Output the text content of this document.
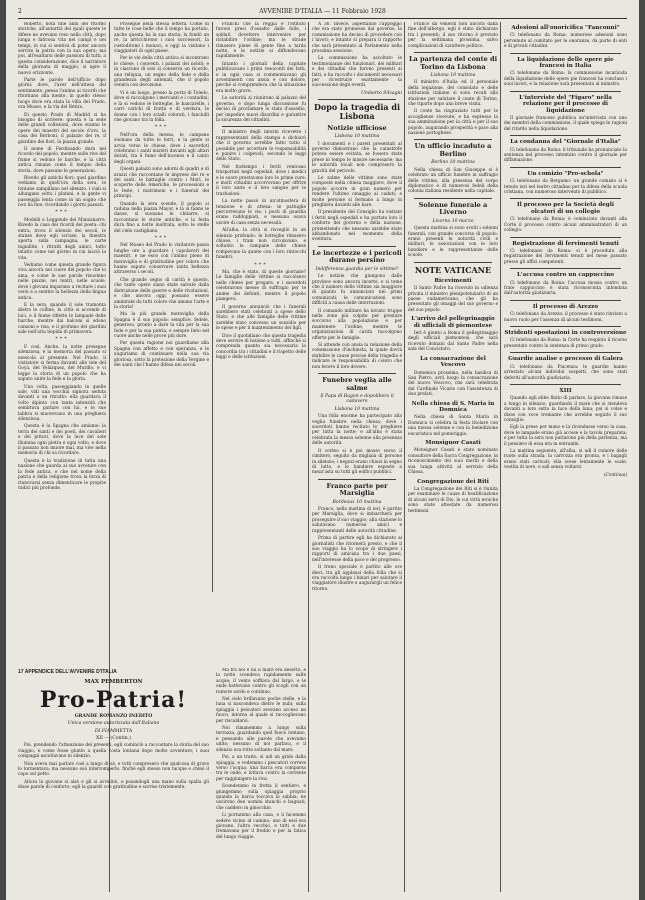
2	AVVENIRE D'ITALIA — 11 Febbraio 1928

Roberto, nota fine anni del ritorno storiche, all'autorità dei quali queste le difese ne avevano reso nella città, dopo lunga e faticosa vita nei campi e nei tempi, in cui si sentiva di poter ancora servire la patria con la sua opera; ma poi, all'esaltarsi delle passioni di tutti, a questa considerazione, dice il narratore della giornata di maggio, si apre il nuovo orizzonte.

Parte le parole dell'ufficio dopo giorni: dove, l'aver nell'attesa del sentimento, pensa l'animo ai ricordi che ritornano alla mente, in quello stesso luogo dove era stata la villa del Prado, ora Museo, e la via del Retiro.

Di questo Prado di Madrid si ha bisogno di scrivere: questa è la sede delle grandi collezioni, dove stanno le opere dei maestri del secolo d'oro, la casa dei Borboni, il palazzo dei re, il giardino dei fiori, la piazza grande.

Il nome di Ferdinando dura nel ricordo del popolo, mentre sulle rive del fiume si vedono le barche, e la città antica rimane come il tempio della storia, dove passano le generazioni.

Rivedo gli antichi fiori: quel giardino vediamo in quell'ora della sera, le fontane zampillano nel silenzio, i viali si allungano sotto i platani, e la gente vi passeggia lenta come in un sogno che non ha fine, ricordando i giorni passati.

***

Modelli e Leggende del Manzanarre. Rivedo la casa dei ricordi del poeta: chi entra, trova il silenzio dei secoli, le stanze dove egli scrisse, la finestra aperta sulla campagna, le carte ingiallite, i ritratti degli amici, tutto intatto come nel giorno in cui lasciò la vita.

Vediamo come questa grande figura viva ancora nel cuore del popolo che lo ama, e come le sue parole risuonino nelle piazze, nei teatri, nelle scuole, dove i giovani imparano a recitare i suoi versi e a sentire la bellezza della lingua antica.

E la sera, quando il sole tramonta dietro le colline, la città si accende di luci, e il fiume riflette le lampade delle barche, mentre dai balconi si odono canzoni e risa, e il profumo dei giardini sale nell'aria tiepida di primavera.

***

E così, Anche, la notte prosegue silenziosa, e la memoria del passato si mescola al presente. Nel Prado, il visitatore si ferma davanti alle tele del Goya, del Velázquez, del Murillo, e vi legge la storia di un popolo che ha saputo unire la fede e la gloria.

Una volta, passeggiando in quelle sale, vidi una vecchia signora seduta davanti a un ritratto: ella guardava il volto dipinto con tanta intensità che sembrava parlare con lui, e le sue labbra si muovevano in una preghiera silenziosa.

Questa è la Spagna che amiamo: la terra dei santi e dei poeti, dei cavalieri e dei pittori, dove la luce del sole illumina ogni pietra e ogni volto, e dove il passato non muore mai, ma vive nella memoria di chi sa ricordare.

Questa è la tradizione di tutta una nazione che guarda al suo avvenire con la fede antica, e che nel nome della patria e della religione trova la forza di rinnovarsi senza dimenticare le proprie radici più profonde.

Prosegue nella stessa lettera. Come di tutte le cose belle che il tempo ha portato, anche questa ha la sua storia: la fondò un re, la arricchirono i suoi successori, la custodirono i monaci, e oggi la visitano i viaggiatori di ogni paese.

Per le vie della città antica si incontrano le chiese, i conventi, i palazzi dei nobili; e in ciascuno di essi si conserva un ricordo, una reliquia, un segno della fede e della grandezza degli antenati, che il popolo venera con devozione.

Vi è un luogo, presso la porta di Toledo, dove si raccolgono i mercanti e i contadini; e là si vedono le botteghe, le bancarelle, i carri carichi di frutta e di verdura, le donne con i loro scialli colorati, i fanciulli che giocano tra la folla.

***

Nell'ora della messa, le campane suonano da tutte le torri, e la gente si avvia verso le chiese, dove i sacerdoti celebrano i santi misteri davanti agli altari dorati, tra il fumo dell'incenso e il canto degli organi.

Questi palazzi sono adorni di quadri e di arazzi che raccontano le imprese dei re e dei santi: le battaglie contro i Mori, le scoperte delle Americhe, le processioni e le feste, i matrimoni e i funerali dei principi.

Quando la sera scende, il popolo si raduna nella piazza Mayor, e là si fanno le danze, si suonano le chitarre, si raccontano le storie antiche, e la festa dura fino a notte inoltrata, sotto le stelle del cielo castigliano.

***

Nel Museo del Prado lo visitatore passa lunghe ore a guardare i capolavori dei maestri, e ne esce con l'animo pieno di meraviglia e di gratitudine per coloro che hanno saputo conservare tanta bellezza attraverso i secoli.

Che grande segno di carità è questo, che tante opere siano state salvate dalla distruzione delle guerre e delle rivoluzioni, e che ancora oggi possano essere ammirate da tutti coloro che amano l'arte e la storia!

Ma la più grande meraviglia della Spagna è il suo popolo: semplice, fedele, generoso, pronto a dare la vita per la sua fede e per la sua patria, e sempre lieto nel cuore anche nelle prove più dure.

Per questa ragione noi guardiamo alla Spagna con affetto e con speranza, e le auguriamo di continuare nella sua via gloriosa, sotto la protezione della Vergine e dei santi che l'hanno difesa nei secoli.

Franchi che la reggia e l'Istituto furono presi d'assalto dalle folle, i soldati dovettero intervenire per ristabilire l'ordine; ma le strade rimasero piene di gente fino a tarda notte, e le notizie si diffondevano rapidamente.

Intanto i giornali della capitale pubblicavano i primi resoconti dei fatti, e in ogni casa si commentavano gli avvenimenti con ansia e con dolore, perché si comprendeva che la situazione era molto grave.

Le autorità si riunirono al palazzo del governo, e dopo lunga discussione fu deciso di proclamare lo stato d'assedio, per impedire nuovi disordini e garantire la sicurezza dei cittadini.

Il ministro degli interni ricevette i rappresentanti della stampa e dichiarò che il governo avrebbe fatto tutto il possibile per accertare le responsabilità e punire i colpevoli, secondo le leggi dello Stato.

Nel frattempo i feriti venivano trasportati negli ospedali, dove i medici e le suore prestavano loro le prime cure; e molti cittadini accorrevano per offrire il loro aiuto e il loro sangue per le trasfusioni.

La notte passò in un'atmosfera di tensione e di attesa: le pattuglie percorrevano le vie, i posti di guardia erano raddoppiati, e nessuno osava uscire di casa senza necessità.

All'alba, la città si risvegliò in un silenzio profondo: le botteghe rimasero chiuse, i tram non circolavano, e soltanto le campane delle chiese rompevano la quiete con i loro rintocchi funebri.

***

Ma, che è stato, di queste giornate? Le famiglie delle vittime si raccolsero nelle chiese per pregare, e i sacerdoti celebrarono messe di suffragio per le anime dei defunti, mentre il popolo piangeva.

Il governo annunciò che i funerali sarebbero stati celebrati a spese dello Stato, e che alle famiglie delle vittime sarebbe stato concesso un sussidio per le spese e per il mantenimento dei figli.

Dice il quotidiano che questa tragedia deve servire di lezione a tutti, affinché si comprenda quanto sia necessaria la concordia tra i cittadini e il rispetto delle leggi e delle istituzioni.

A 30. Invece, aspettando l'appoggio che era stato promesso dal governo, la commissione ha deciso di procedere con i lavori; e intanto si prepara il rapporto che sarà presentato al Parlamento nella prossima sessione.

La commissione ha ascoltato le testimonianze dei funzionari, dei militari e dei cittadini che furono presenti ai fatti, e ha raccolto i documenti necessari per ricostruire esattamente la successione degli eventi.

Umberto Silvagni

Dopo la tragedia di Lisbona
Notizie ufficiose
Lisbona 10 mattina

I documenti e i pareri presentati al governo dimostrano che la catastrofe poteva essere evitata, se fossero state prese in tempo le misure necessarie; ma le autorità locali non compresero la gravità del pericolo.

Le salme delle vittime sono state composte nella chiesa maggiore, dove il popolo accorre in gran numero per rendere l'ultimo omaggio ai caduti; e molte persone si fermano a lungo in preghiera davanti alle bare.

Il presidente del Consiglio ha visitato i feriti negli ospedali e ha portato loro il conforto del governo e della nazione, promettendo che nessuno sarebbe stato abbandonato nel momento della sventura.

Le incertezze e i pericoli durano persino
Indifferenza guardia per le vittime?

Le notizie che giungono dalle province sono ancora incerte, e si teme che il numero delle vittime sia maggiore di quanto fu annunciato nei primi comunicati; le comunicazioni sono difficili a causa delle interruzioni.

Il comando militare ha inviato truppe nelle zone più colpite per prestare soccorso alla popolazione e per mantenere l'ordine, mentre le organizzazioni di carità raccolgono offerte per le famiglie.

Si attende con ansia la relazione della commissione d'inchiesta, la quale dovrà stabilire le cause precise della tragedia e indicare le responsabilità di coloro che non fecero il loro dovere.

Funebre veglia alle salme
Il Papa di Ragon e dopolibero il cadavere
Lisbona 10 mattina

Una folla enorme ha partecipato alla veglia funebre nella chiesa, dove i sacerdoti hanno recitato le preghiere per tutta la notte; e all'alba è stata celebrata la messa solenne alla presenza delle autorità.

Il corteo si è poi mosso verso il cimitero, seguito da migliaia di persone in silenzio; i negozi erano chiusi in segno di lutto, e le bandiere esposte a mezz'asta su tutti gli edifici pubblici.

Franco parte per Marsiglia
Bordeaux 10 mattina

Franco, nella mattina di ieri, è partito per Marsiglia, dove si imbarcherà per proseguire il suo viaggio; alla stazione lo salutavano numerosi amici e rappresentanti delle autorità cittadine.

Prima di partire egli ha dichiarato ai giornalisti che ritornerà presto, e che il suo viaggio ha lo scopo di stringere i rapporti di amicizia tra i due paesi, nell'interesse della pace e del progresso.

Il treno speciale è partito alle ore dieci, tra gli applausi della folla che si era raccolta lungo i binari per salutare il viaggiatore illustre e augurargli un felice ritorno.

Franco da venerdì non ancora dalla fine dell'albergo, egli è stato dichiarato tra i presenti; il suo ritorno è previsto per la settimana prossima, salvo complicazioni di carattere politico.

La partenza del conte di Torino da Lisbona
Lisbona 10 mattina

Il ministro d'Italia ed il personale della legazione, del consolato e delle istituzioni italiane si sono recati alla stazione per salutare il conte di Torino, che riparte dopo una breve visita.

Il conte ha ringraziato tutti per le accoglienze ricevute, e ha espresso la sua ammirazione per la città e per il suo popolo, augurando prosperità e pace alla nazione portoghese.

Un ufficio incaduto a Berlino
Berlino 10 mattina

Nella chiesa di San Giuseppe si è celebrato un ufficio funebre in suffragio delle vittime, alla presenza del corpo diplomatico e di numerosi fedeli della colonia italiana residente nella capitale.

Solenne funerale a Liverno
Livorno 10 marzo

Questa mattina si sono svolti i solenni funerali, con grande concorso di popolo; erano presenti le autorità civili e militari, le associazioni con le loro bandiere e le rappresentanze delle scuole.

NOTE VATICANE
Ricevimenti

Il Santo Padre ha ricevuto in udienza privata il ministro plenipotenziario di un paese sudamericano, che gli ha presentato gli omaggi del suo governo e del suo popolo.

L'arrivo del pellegrinaggio di ufficiali di piemontese

Ieri è giunto a Roma il pellegrinaggio degli ufficiali piemontesi, che sarà ricevuto domani dal Santo Padre nella sala del Concistoro.

La consacrazione del Vescovo

Domenica prossima, nella basilica di San Pietro, avrà luogo la consacrazione del nuovo Vescovo, che sarà celebrata dal Cardinale Vicario con l'assistenza di due prelati.

Nella chiesa di S. Maria in Domnica

Nella chiesa di Santa Maria in Domnica si celebra la festa titolare con una messa solenne e con la benedizione eucaristica nel pomeriggio.

Monsignor Casati

Monsignor Casati è stato nominato consultore della Sacra Congregazione, in riconoscimento dei suoi meriti e della sua lunga attività al servizio della Chiesa.

Congregazione dei Riti

La Congregazione dei Riti si è riunita per esaminare le cause di beatificazione di alcuni servi di Dio, le cui virtù eroiche sono state attestate da numerosi testimoni.

Adesioni all'onoricifica "Fanconni"

Ci telefonano da Roma: numerose adesioni sono pervenute al comitato per le onoranze, da parte di enti e di privati cittadini.

La liquidazione delle opere pie francesi in Italia

Ci telefonano da Roma: la commissione incaricata della liquidazione delle opere pie francesi ha concluso i suoi lavori, e la relazione sarà presentata al ministro.

L'interviste del "Figaro" nella relazione per il processo di liquidazione

Il giornale francese pubblica un'intervista con uno dei membri della commissione, il quale spiega le ragioni del ritardo nella liquidazione.

La condanna del "Giornale d'Italia"

Ci telefonano da Roma: il tribunale ha pronunciato la sentenza nel processo intentato contro il giornale per diffamazione.

Un comizio "Pro-schola"

Ci telefonano da Bergamo: un grande comizio si è tenuto ieri nel teatro cittadino per la difesa della scuola cristiana, con numeroso intervento di pubblico.

Il processo per la Società degli olcatori di un collegio

Ci telefonano da Roma: è cominciato davanti alla Corte il processo contro alcuni amministratori di un collegio.

Registrazione di fervimenti tenuti

Ci telefonano da Roma: si è proceduto alla registrazione dei fervimenti tenuti nel mese passato presso gli uffici competenti.

L'accusa contro un cappuccino

Ci telefonano da Roma: l'accusa mossa contro un frate cappuccino è stata riconosciuta infondata dall'autorità giudiziaria.

Il processo di Arezzo

Ci telefonano da Arezzo: il processo è stato rinviato a nuovo ruolo per l'assenza di alcuni testimoni.

Stridenti spostazioni in controversione

Ci telefonano da Roma: la Corte ha respinto il ricorso presentato contro la sentenza di primo grado.

Guardie analise e processo di Galera

Ci telefonano da Piacenza: le guardie hanno arrestato alcuni individui sospetti, che sono stati deferiti all'autorità giudiziaria.

XIII

Quando egli ebbe finito di parlare, la giovane rimase a lungo in silenzio, guardando il mare che si stendeva davanti a loro sotto la luce della luna; poi si volse e disse con voce tremante che avrebbe seguito il suo consiglio.

Egli la prese per mano e la ricondusse verso la casa, dove le lampade erano già accese e la tavola preparata; e per tutta la sera non parlarono più della partenza, ma il pensiero di essa era in entrambi.

La mattina seguente, all'alba, si udì il rumore delle ruote sulla strada: la carrozza era pronta, e i bagagli erano stati caricati; ella scese lentamente le scale, vestita di nero, e salì senza voltarsi.

(Continua)

17 APPENDICE DELL'AVVENIRE D'ITALIA
MAX PEMBERTON
Pro-Patria!
GRANDE ROMANZO INEDITO
Unica versione autorizzata dall'Italiano
DI FIAMMETTA
XII — (Contin.)

Poi, prendendo l'attenzione dei presenti, egli cominciò a raccontare la storia del suo viaggio, e come fosse giunto a quella costa lontana dopo molte avventure; i suoi compagni ascoltavano in silenzio.

Non aveva mai parlato così a lungo di sé, e tutti compresero che qualcosa di grave lo tormentava; ma nessuno osò interromperlo, finché egli stesso non tacque e chinò il capo sul petto.

Allora la giovane si alzò e gli si avvicinò, e posandogli una mano sulla spalla gli disse parole di conforto; egli la guardò con gratitudine e sorrise tristemente.

Ma fra noi e lui il mare era deserto, e la notte scendeva rapidamente sulle acque; il vento soffiava dal largo, e le onde battevano contro gli scogli con un rumore sordo e continuo.

Nel cielo brillavano poche stelle, e la luna si nascondeva dietro le nubi; sulla spiaggia i pescatori avevano acceso un fuoco, intorno al quale si raccoglievano per riscaldarsi.

Noi rimanemmo a lungo sulla terrazza, guardando quel fuoco lontano, e pensando alle parole che avevamo udito; nessuno di noi parlava, e il silenzio era rotto soltanto dal mare.

Poi, a un tratto, si udì un grido dalla spiaggia, e vedemmo i pescatori correre verso l'acqua; una barca era comparsa tra le onde, e lottava contro la corrente per raggiungere la riva.

Scendemmo in fretta il sentiero, e giungemmo sulla spiaggia proprio quando la barca toccava la sabbia; ne uscirono due uomini stanchi e bagnati, che caddero in ginocchio.

Li portammo alla casa, e li facemmo sedere vicino al camino; uno di essi era giovane, l'altro vecchio, e tutti e due tremavano per il freddo e per la fatica del lungo viaggio.
